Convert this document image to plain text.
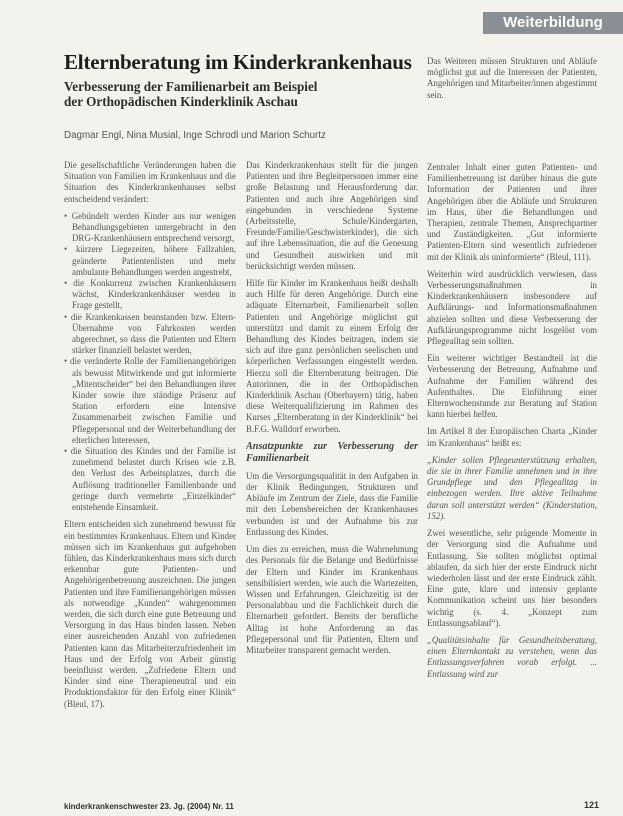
Weiterbildung
Elternberatung im Kinderkrankenhaus
Verbesserung der Familienarbeit am Beispiel
der Orthopädischen Kinderklinik Aschau
Dagmar Engl, Nina Musial, Inge Schrodl und Marion Schurtz
Das Weiteren müssen Strukturen und Abläufe möglichst gut auf die Interessen der Patienten, Angehörigen und Mitarbeiter/innen abgestimmt sein.

Die gesellschaftliche Veränderungen haben die Situation von Familien im Krankenhaus und die Situation des Kinderkrankenhauses selbst entscheidend verändert:

• Gebündelt werden Kinder aus nur wenigen Behandlungsgebieten untergebracht in den DRG-Krankenhäusern entsprechend versorgt,
• kürzere Liegezeiten, höhere Fallzahlen, geänderte Patientenlisten und mehr ambulante Behandlungen werden angestrebt,
• die Konkurrenz zwischen Krankenhäusern wächst, Kinderkrankenhäuser werden in Frage gestellt,
• die Krankenkassen beanstanden bzw. Eltern-Übernahme von Fahrkosten werden abgerechnet, so dass die Patienten und Eltern stärker finanziell belastet werden,
• die veränderte Rolle der Familienangehörigen als bewusst Mitwirkende und gut informierte „Mitentscheider“ bei den Behandlungen ihrer Kinder sowie ihre ständige Präsenz auf Station erfordern eine Intensive Zusammenarbeit zwischen Familie und Pflegepersonal und der Weiterbehandlung der elterlichen Interessen,
• die Situation des Kindes und der Familie ist zunehmend belastet durch Krisen wie z.B. den Verlust des Arbeitsplatzes, durch die Auflösung traditioneller Familienbande und geringe durch vermehrte „Einzelkinder“ entstehende Einsamkeit.

Eltern entscheiden sich zunehmend bewusst für ein bestimmtes Krankenhaus. Eltern und Kinder müssen sich im Krankenhaus gut aufgehoben fühlen, das Kinderkrankenhaus muss sich durch erkennbar gute Patienten- und Angehörigenbetreuung auszeichnen. Die jungen Patienten und ihre Familienangehörigen müssen als notwendige „Kunden“ wahrgenommen werden, die sich durch eine gute Betreuung und Versorgung in das Haus binden lassen. Neben einer ausreichenden Anzahl von zufriedenen Patienten kann das Mitarbeiterzufriedenheit im Haus und der Erfolg von Arbeit günstig beeinflusst werden. „Zufriedene Eltern und Kinder sind eine Therapieneutral und ein Produktionsfaktor für den Erfolg einer Klinik“ (Bleul, 17).

Das Kinderkrankenhaus stellt für die jungen Patienten und ihre Begleitpersonen immer eine große Belastung und Herausforderung dar. Patienten und auch ihre Angehörigen sind eingebunden in verschiedene Systeme (Arbeitsstelle, Schule/Kindergarten, Freunde/Familie/Geschwisterkinder), die sich auf ihre Lebenssituation, die auf die Genesung und Gesundheit auswirken und mit berücksichtigt werden müssen.

Hilfe für Kinder im Krankenhaus heißt deshalb auch Hilfe für deren Angehörige. Durch eine adäquate Elternarbeit, Familienarbeit sollen Patienten und Angehörige möglichst gut unterstützt und damit zu einem Erfolg der Behandlung des Kindes beitragen, indem sie sich auf ihre ganz persönlichen seelischen und körperlichen Verfassungen eingestellt werden. Hierzu soll die Elternberatung beitragen. Die Autorinnen, die in der Orthopädischen Kinderklinik Aschau (Oberbayern) tätig, haben diese Weiterqualifizierung im Rahmen des Kurses „Elternberatung in der Kinderklinik“ bei B.F.G. Walldorf erworben.

Ansatzpunkte zur Verbesserung der Familienarbeit

Um die Versorgungsqualität in den Aufgaben in der Klinik Bedingungen, Strukturen und Abläufe im Zentrum der Ziele, dass die Familie mit den Lebensbereichen der Krankenhauses verbunden ist und der Aufnahme bis zur Entlassung des Kindes.

Um dies zu erreichen, muss die Wahrnehmung des Personals für die Belange und Bedürfnisse der Eltern und Kinder im Krankenhaus sensibilisiert werden, wie auch die Wartezeiten, Wissen und Erfahrungen. Gleichzeitig ist der Personalabbau und die Fachlichkeit durch die Elternarbeit gefordert. Bereits der berufliche Alltag ist hohe Anforderung an das Pflegepersonal und für Patienten, Eltern und Mitarbeiter transparent gemacht werden.

Zentraler Inhalt einer guten Patienten- und Familienbetreuung ist darüber hinaus die gute Information der Patienten und ihrer Angehörigen über die Abläufe und Strukturen im Haus, über die Behandlungen und Therapien, zentrale Themen, Ansprechpartner und Zuständigkeiten. „Gut informierte Patienten-Eltern sind wesentlich zufriedener mit der Klinik als uninformierte“ (Bleul, 111).

Weiterhin wird ausdrücklich verwiesen, dass Verbesserungsmaßnahmen in Kinderkrankenhäusern insbesondere auf Aufklärungs- und Informationsmaßnahmen abzielen sollten und diese Verbesserung der Aufklärungsprogramme nicht losgelöst vom Pflegealltag sein sollten.

Ein weiterer wichtiger Bestandteil ist die Verbesserung der Betreuung, Aufnahme und Aufnahme der Familien während des Aufenthaltes. Die Einführung einer Elternwochenstunde zur Beratung auf Station kann hierbei helfen.

Im Artikel 8 der Europäischen Charta „Kinder im Krankenhaus“ heißt es:

„Kinder sollen Pflegeunterstützung erhalten, die sie in ihrer Familie annehmen und in ihre Grundpflege und den Pflegealltag in einbezogen werden. Ihre aktive Teilnahme daran soll unterstützt werden“ (Kinderstation, 152).

Zwei wesentliche, sehr prägende Momente in der Versorgung sind die Aufnahme und Entlassung. Sie sollten möglichst optimal ablaufen, da sich hier der erste Eindruck nicht wiederholen lässt und der erste Eindruck zählt. Eine gute, klare und intensiv geplante Kommunikation scheint uns hier besonders wichtig (s. 4. „Konzept zum Entlassungsablauf“).

„Qualitätsinhalte für Gesundheitsberatung, einen Elternkontakt zu verstehen, wenn das Entlassungsverfahren vorab erfolgt. ... Entlassung wird zur

kinderkrankenschwester 23. Jg. (2004) Nr. 11	121
